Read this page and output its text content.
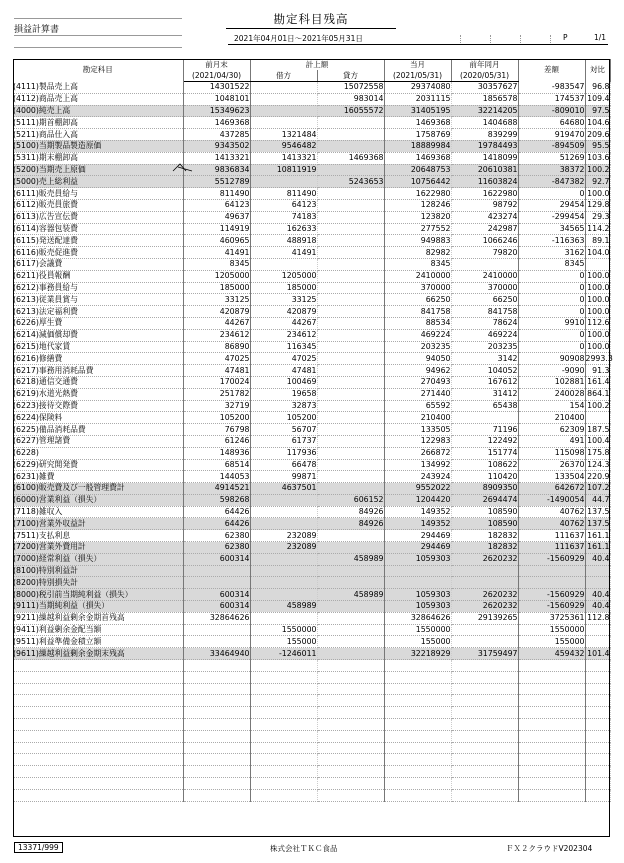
損益計算書
勘定科目残高
2021年04月01日～2021年05月31日	P	1/1
勘定科目	前月末	計上額		当月	前年同月	差額	対比
	(2021/04/30)	借方	貸方	(2021/05/31)	(2020/05/31)		
(4111)製品売上高	14301522		15072558	29374080	30357627	-983547	96.8
(4112)商品売上高	1048101		983014	2031115	1856578	174537	109.4
(4000)純売上高	15349623		16055572	31405195	32214205	-809010	97.5
(5111)期首棚卸高	1469368			1469368	1404688	64680	104.6
(5211)商品仕入高	437285	1321484		1758769	839299	919470	209.6
(5100)当期製品製造原価	9343502	9546482		18889984	19784493	-894509	95.5
(5311)期末棚卸高	1413321	1413321	1469368	1469368	1418099	51269	103.6
(5200)当期売上原価	9836834	10811919		20648753	20610381	38372	100.2
(5000)売上総利益	5512789		5243653	10756442	11603824	-847382	92.7
(6111)販売員給与	811490	811490		1622980	1622980	0	100.0
(6112)販売員旅費	64123	64123		128246	98792	29454	129.8
(6113)広告宣伝費	49637	74183		123820	423274	-299454	29.3
(6114)容器包装費	114919	162633		277552	242987	34565	114.2
(6115)発送配達費	460965	488918		949883	1066246	-116363	89.1
(6116)販売促進費	41491	41491		82982	79820	3162	104.0
(6117)会議費	8345			8345		8345	
(6211)役員報酬	1205000	1205000		2410000	2410000	0	100.0
(6212)事務員給与	185000	185000		370000	370000	0	100.0
(6213)従業員賞与	33125	33125		66250	66250	0	100.0
(6213)法定福利費	420879	420879		841758	841758	0	100.0
(6226)厚生費	44267	44267		88534	78624	9910	112.6
(6214)減価償却費	234612	234612		469224	469224	0	100.0
(6215)地代家賃	86890	116345		203235	203235	0	100.0
(6216)修繕費	47025	47025		94050	3142	90908	2993.3
(6217)事務用消耗品費	47481	47481		94962	104052	-9090	91.3
(6218)通信交通費	170024	100469		270493	167612	102881	161.4
(6219)水道光熱費	251782	19658		271440	31412	240028	864.1
(6223)接待交際費	32719	32873		65592	65438	154	100.2
(6224)保険料	105200	105200		210400		210400	
(6225)備品消耗品費	76798	56707		133505	71196	62309	187.5
(6227)管理諸費	61246	61737		122983	122492	491	100.4
(6228)	148936	117936		266872	151774	115098	175.8
(6229)研究開発費	68514	66478		134992	108622	26370	124.3
(6231)雑費	144053	99871		243924	110420	133504	220.9
(6100)販売費及び一般管理費計	4914521	4637501		9552022	8909350	642672	107.2
(6000)営業利益（損失）	598268		606152	1204420	2694474	-1490054	44.7
(7118)雑収入	64426		84926	149352	108590	40762	137.5
(7100)営業外収益計	64426		84926	149352	108590	40762	137.5
(7511)支払利息	62380	232089		294469	182832	111637	161.1
(7200)営業外費用計	62380	232089		294469	182832	111637	161.1
(7000)経常利益（損失）	600314		458989	1059303	2620232	-1560929	40.4
(8100)特別利益計							
(8200)特別損失計							
(8000)税引前当期純利益（損失）	600314		458989	1059303	2620232	-1560929	40.4
(9111)当期純利益（損失）	600314	458989		1059303	2620232	-1560929	40.4
(9211)繰越利益剰余金期首残高	32864626			32864626	29139265	3725361	112.8
(9411)利益剰余金配当額		1550000		1550000		1550000	
(9511)利益準備金積立額		155000		155000		155000	
(9611)繰越利益剰余金期末残高	33464940	-1246011		32218929	31759497	459432	101.4

13371/999	株式会社ＴＫＣ食品	ＦＸ２クラウドV202304
